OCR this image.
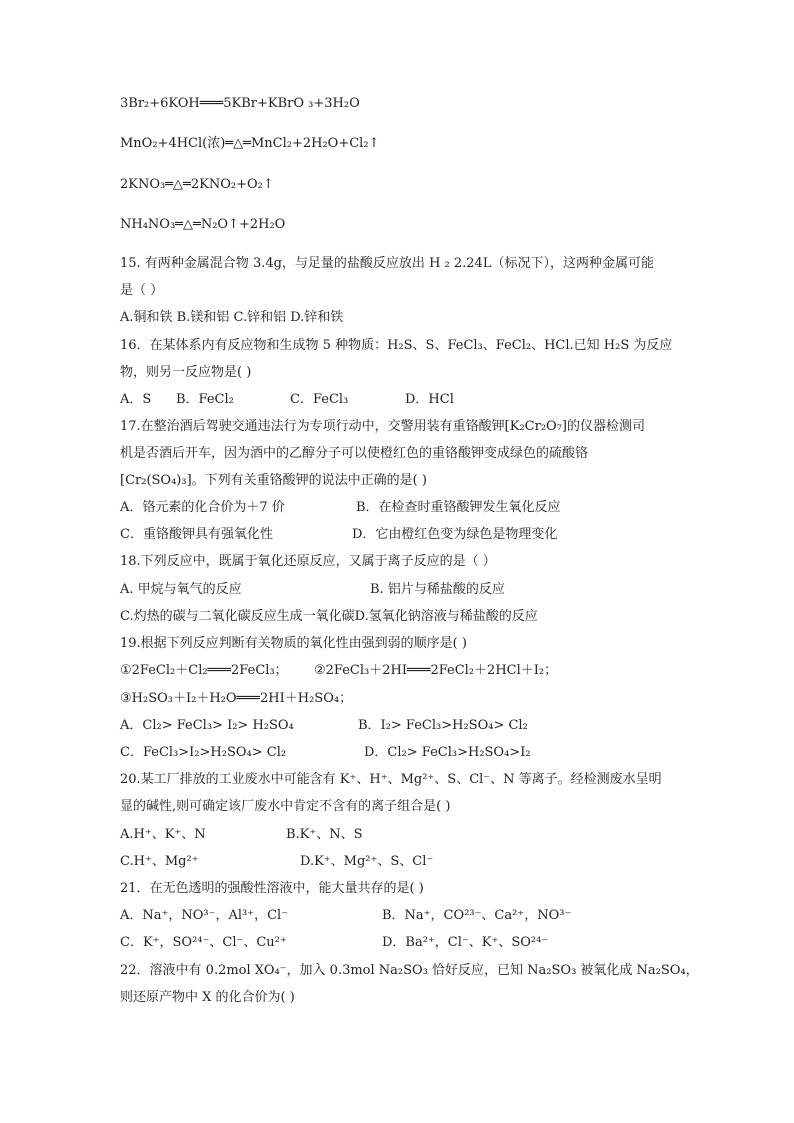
3Br₂+6KOH═══5KBr+KBrO ₃+3H₂O
MnO₂+4HCl(浓)═△═MnCl₂+2H₂O+Cl₂↑
2KNO₃═△═2KNO₂+O₂↑
NH₄NO₃═△═N₂O↑+2H₂O
15. 有两种金属混合物 3.4g，与足量的盐酸反应放出 H ₂ 2.24L（标况下），这两种金属可能
是（ ）
A.铜和铁 B.镁和铝 C.锌和铝 D.锌和铁
16．在某体系内有反应物和生成物 5 种物质：H₂S、S、FeCl₃、FeCl₂、HCl.已知 H₂S 为反应
物，则另一反应物是( )
A．S B．FeCl₂	C．FeCl₃	D．HCl
17.在整治酒后驾驶交通违法行为专项行动中，交警用装有重铬酸钾[K₂Cr₂O₇]的仪器检测司
机是否酒后开车，因为酒中的乙醇分子可以使橙红色的重铬酸钾变成绿色的硫酸铬
[Cr₂(SO₄)₃]。下列有关重铬酸钾的说法中正确的是( )
A．铬元素的化合价为＋7 价	B．在检查时重铬酸钾发生氧化反应
C．重铬酸钾具有强氧化性	D．它由橙红色变为绿色是物理变化
18.下列反应中，既属于氧化还原反应，又属于离子反应的是（ ）
A. 甲烷与氧气的反应	B. 铝片与稀盐酸的反应
C.灼热的碳与二氧化碳反应生成一氧化碳D.氢氧化钠溶液与稀盐酸的反应
19.根据下列反应判断有关物质的氧化性由强到弱的顺序是( )
①2FeCl₂＋Cl₂═══2FeCl₃； ②2FeCl₃＋2HI═══2FeCl₂＋2HCl＋I₂；
③H₂SO₃＋I₂＋H₂O═══2HI＋H₂SO₄；
A．Cl₂> FeCl₃> I₂> H₂SO₄	B．I₂> FeCl₃>H₂SO₄> Cl₂
C．FeCl₃>I₂>H₂SO₄> Cl₂	D．Cl₂> FeCl₃>H₂SO₄>I₂
20.某工厂排放的工业废水中可能含有 K⁺、H⁺、Mg²⁺、S、Cl⁻、N 等离子。经检测废水呈明
显的碱性,则可确定该厂废水中肯定不含有的离子组合是( )
A.H⁺、K⁺、N	B.K⁺、N、S
C.H⁺、Mg²⁺	D.K⁺、Mg²⁺、S、Cl⁻
21．在无色透明的强酸性溶液中，能大量共存的是( )
A．Na⁺，NO³⁻，Al³⁺，Cl⁻	B．Na⁺，CO²³⁻、Ca²⁺，NO³⁻
C．K⁺，SO²⁴⁻、Cl⁻、Cu²⁺	D．Ba²⁺，Cl⁻、K⁺、SO²⁴⁻
22．溶液中有 0.2mol XO₄⁻，加入 0.3mol Na₂SO₃ 恰好反应，已知 Na₂SO₃ 被氧化成 Na₂SO₄，
则还原产物中 X 的化合价为( )
